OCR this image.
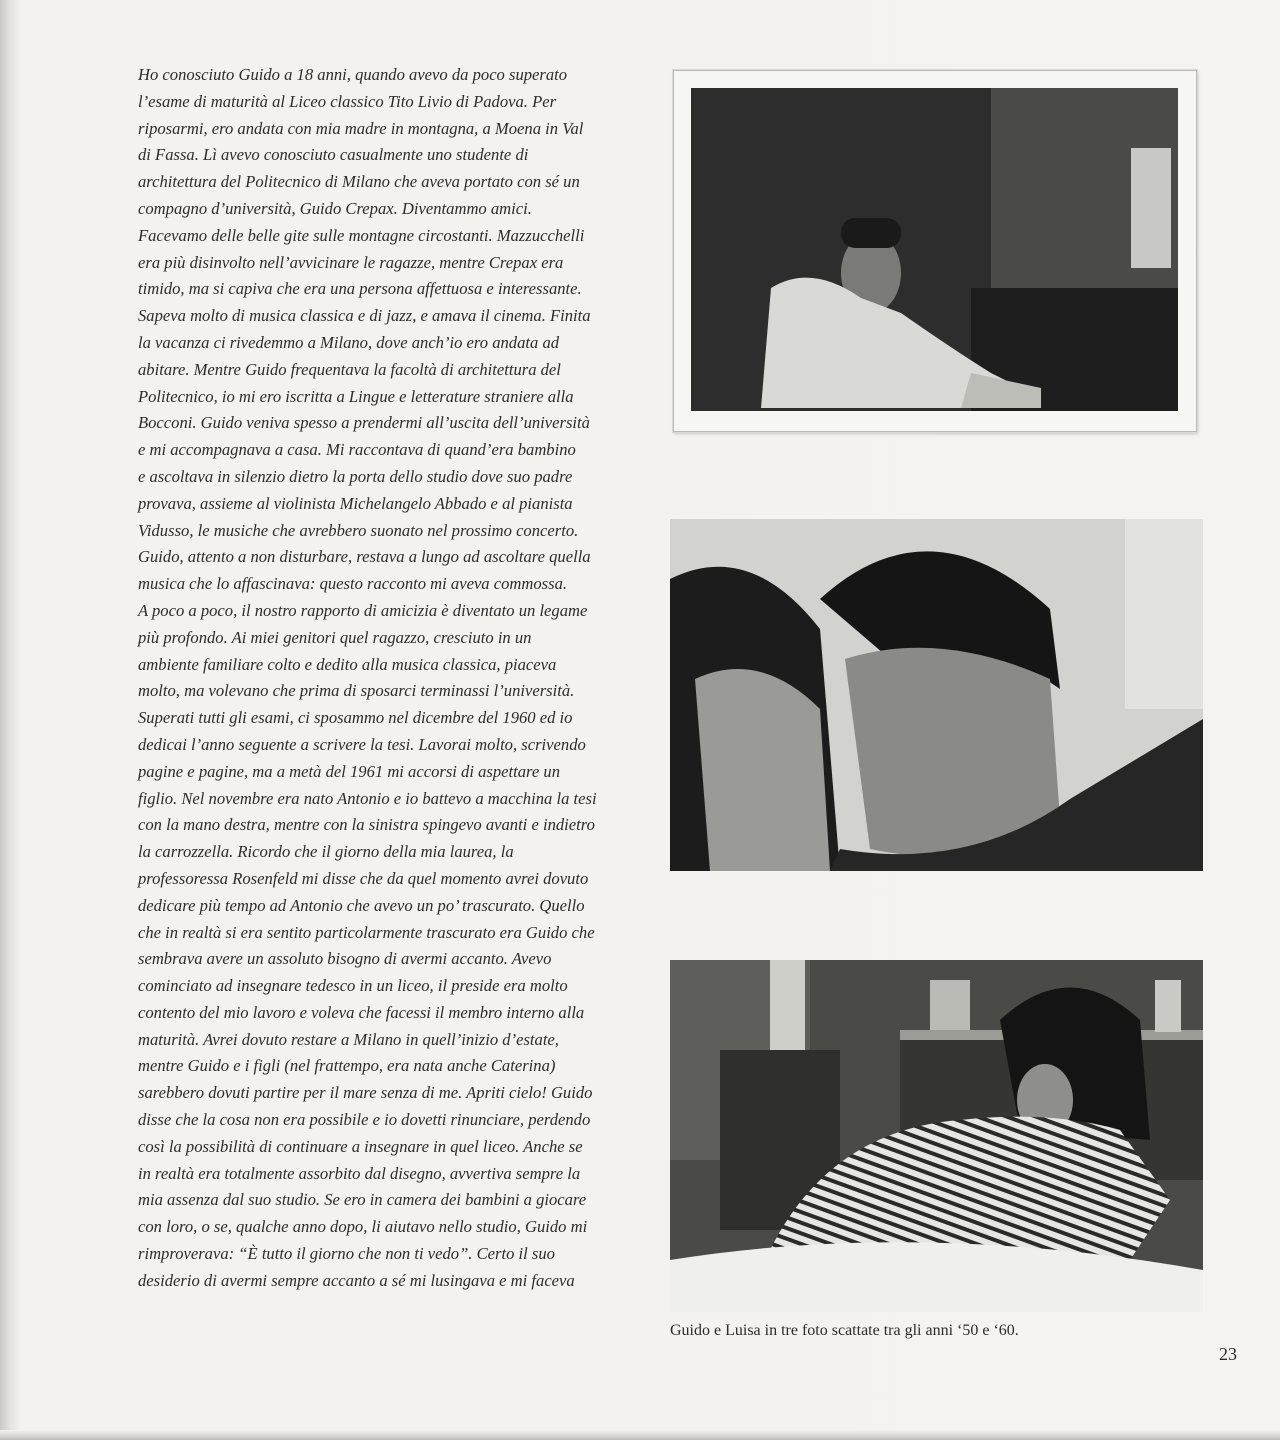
Ho conosciuto Guido a 18 anni, quando avevo da poco superato
l’esame di maturità al Liceo classico Tito Livio di Padova. Per
riposarmi, ero andata con mia madre in montagna, a Moena in Val
di Fassa. Lì avevo conosciuto casualmente uno studente di
architettura del Politecnico di Milano che aveva portato con sé un
compagno d’università, Guido Crepax. Diventammo amici.
Facevamo delle belle gite sulle montagne circostanti. Mazzucchelli
era più disinvolto nell’avvicinare le ragazze, mentre Crepax era
timido, ma si capiva che era una persona affettuosa e interessante.
Sapeva molto di musica classica e di jazz, e amava il cinema. Finita
la vacanza ci rivedemmo a Milano, dove anch’io ero andata ad
abitare. Mentre Guido frequentava la facoltà di architettura del
Politecnico, io mi ero iscritta a Lingue e letterature straniere alla
Bocconi. Guido veniva spesso a prendermi all’uscita dell’università
e mi accompagnava a casa. Mi raccontava di quand’era bambino
e ascoltava in silenzio dietro la porta dello studio dove suo padre
provava, assieme al violinista Michelangelo Abbado e al pianista
Vidusso, le musiche che avrebbero suonato nel prossimo concerto.
Guido, attento a non disturbare, restava a lungo ad ascoltare quella
musica che lo affascinava: questo racconto mi aveva commossa.
A poco a poco, il nostro rapporto di amicizia è diventato un legame
più profondo. Ai miei genitori quel ragazzo, cresciuto in un
ambiente familiare colto e dedito alla musica classica, piaceva
molto, ma volevano che prima di sposarci terminassi l’università.
Superati tutti gli esami, ci sposammo nel dicembre del 1960 ed io
dedicai l’anno seguente a scrivere la tesi. Lavorai molto, scrivendo
pagine e pagine, ma a metà del 1961 mi accorsi di aspettare un
figlio. Nel novembre era nato Antonio e io battevo a macchina la tesi
con la mano destra, mentre con la sinistra spingevo avanti e indietro
la carrozzella. Ricordo che il giorno della mia laurea, la
professoressa Rosenfeld mi disse che da quel momento avrei dovuto
dedicare più tempo ad Antonio che avevo un po’ trascurato. Quello
che in realtà si era sentito particolarmente trascurato era Guido che
sembrava avere un assoluto bisogno di avermi accanto. Avevo
cominciato ad insegnare tedesco in un liceo, il preside era molto
contento del mio lavoro e voleva che facessi il membro interno alla
maturità. Avrei dovuto restare a Milano in quell’inizio d’estate,
mentre Guido e i figli (nel frattempo, era nata anche Caterina)
sarebbero dovuti partire per il mare senza di me. Apriti cielo! Guido
disse che la cosa non era possibile e io dovetti rinunciare, perdendo
così la possibilità di continuare a insegnare in quel liceo. Anche se
in realtà era totalmente assorbito dal disegno, avvertiva sempre la
mia assenza dal suo studio. Se ero in camera dei bambini a giocare
con loro, o se, qualche anno dopo, li aiutavo nello studio, Guido mi
rimproverava: “È tutto il giorno che non ti vedo”. Certo il suo
desiderio di avermi sempre accanto a sé mi lusingava e mi faceva
Guido e Luisa in tre foto scattate tra gli anni ‘50 e ‘60.
23
